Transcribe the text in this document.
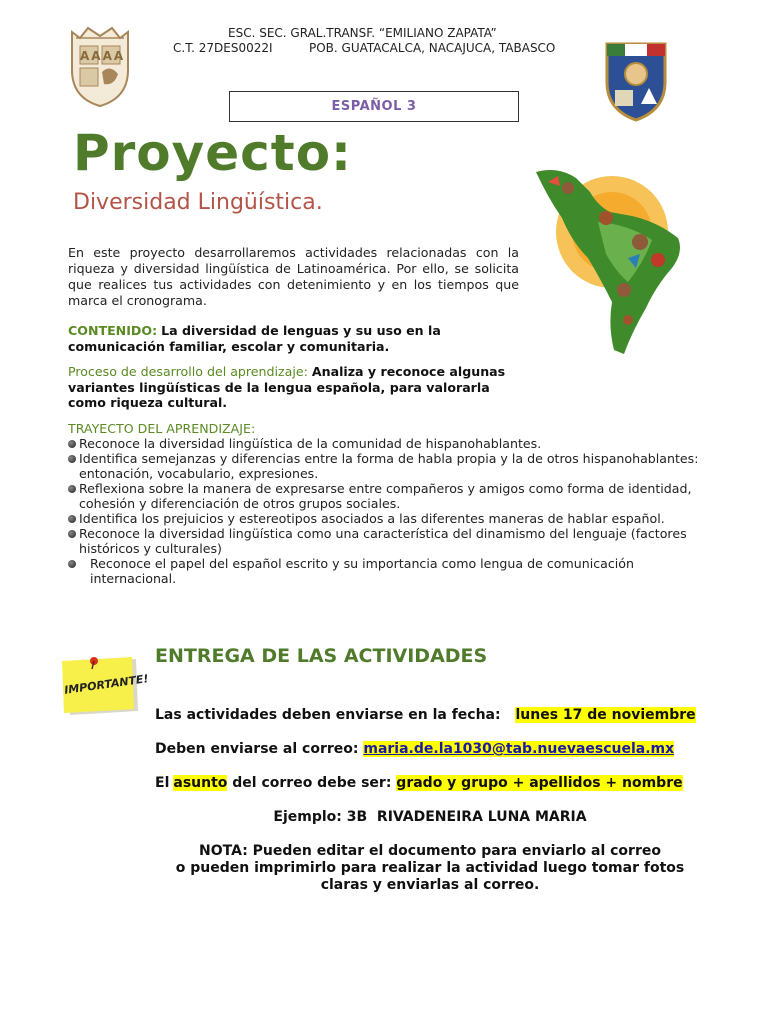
AAAA
ESC. SEC. GRAL.TRANSF. “EMILIANO ZAPATA”
C.T. 27DES0022I	POB. GUATACALCA, NACAJUCA, TABASCO
ESPAÑOL 3
Proyecto:
Diversidad Lingüística.
En este proyecto desarrollaremos actividades relacionadas con la riqueza y diversidad lingüística de Latinoamérica. Por ello, se solicita que realices tus actividades con detenimiento y en los tiempos que marca el cronograma.
CONTENIDO: La diversidad de lenguas y su uso en la comunicación familiar, escolar y comunitaria.
Proceso de desarrollo del aprendizaje: Analiza y reconoce algunas variantes lingüísticas de la lengua española, para valorarla como riqueza cultural.
TRAYECTO DEL APRENDIZAJE:
Reconoce la diversidad lingüística de la comunidad de hispanohablantes.
Identifica semejanzas y diferencias entre la forma de habla propia y la de otros hispanohablantes: entonación, vocabulario, expresiones.
Reflexiona sobre la manera de expresarse entre compañeros y amigos como forma de identidad, cohesión y diferenciación de otros grupos sociales.
Identifica los prejuicios y estereotipos asociados a las diferentes maneras de hablar español.
Reconoce la diversidad lingüística como una característica del dinamismo del lenguaje (factores históricos y culturales)
Reconoce el papel del español escrito y su importancia como lengua de comunicación internacional.
IMPORTANTE!
ENTREGA DE LAS ACTIVIDADES
Las actividades deben enviarse en la fecha: lunes 17 de noviembre
Deben enviarse al correo: maria.de.la1030@tab.nuevaescuela.mx
El asunto del correo debe ser: grado y grupo + apellidos + nombre
Ejemplo: 3B  RIVADENEIRA LUNA MARIA
NOTA: Pueden editar el documento para enviarlo al correo
o pueden imprimirlo para realizar la actividad luego tomar fotos
claras y enviarlas al correo.
